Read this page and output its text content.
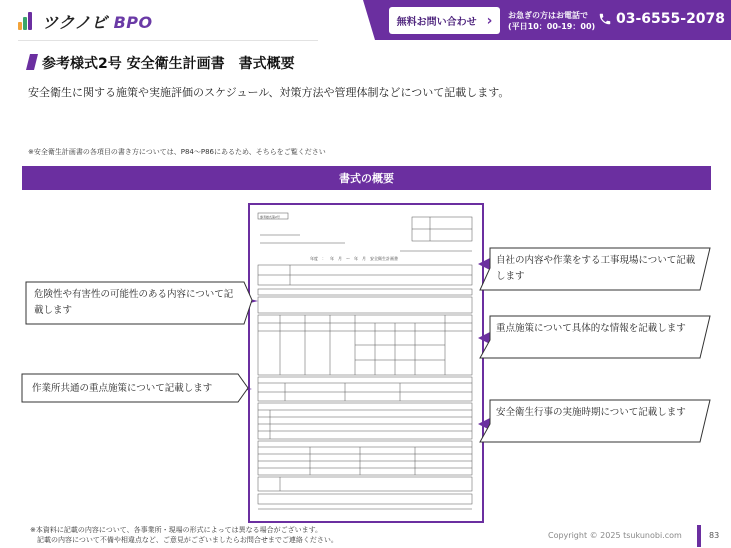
ツクノビ BPO	無料お問い合わせ › お急ぎの方はお電話で
(平日10：00-19：00) 03-6555-2078
参考様式2号 安全衛生計画書　書式概要
安全衛生に関する施策や実施評価のスケジュール、対策方法や管理体制などについて記載します。
※安全衛生計画書の各項目の書き方については、P84～P86にあるため、そちらをご覧ください
書式の概要
年度　：　年　月　～　年　月　安全衛生計画書
参考様式第2号
危険性や有害性の可能性のある内容について記載します
作業所共通の重点施策について記載します
自社の内容や作業をする工事現場について記載します
重点施策について具体的な情報を記載します
安全衛生行事の実施時期について記載します
※本資料に記載の内容について、各事業所・現場の形式によっては異なる場合がございます。
　記載の内容について不備や相違点など、ご意見がございましたらお問合せまでご連絡ください。	Copyright © 2025 tsukunobi.com	83
